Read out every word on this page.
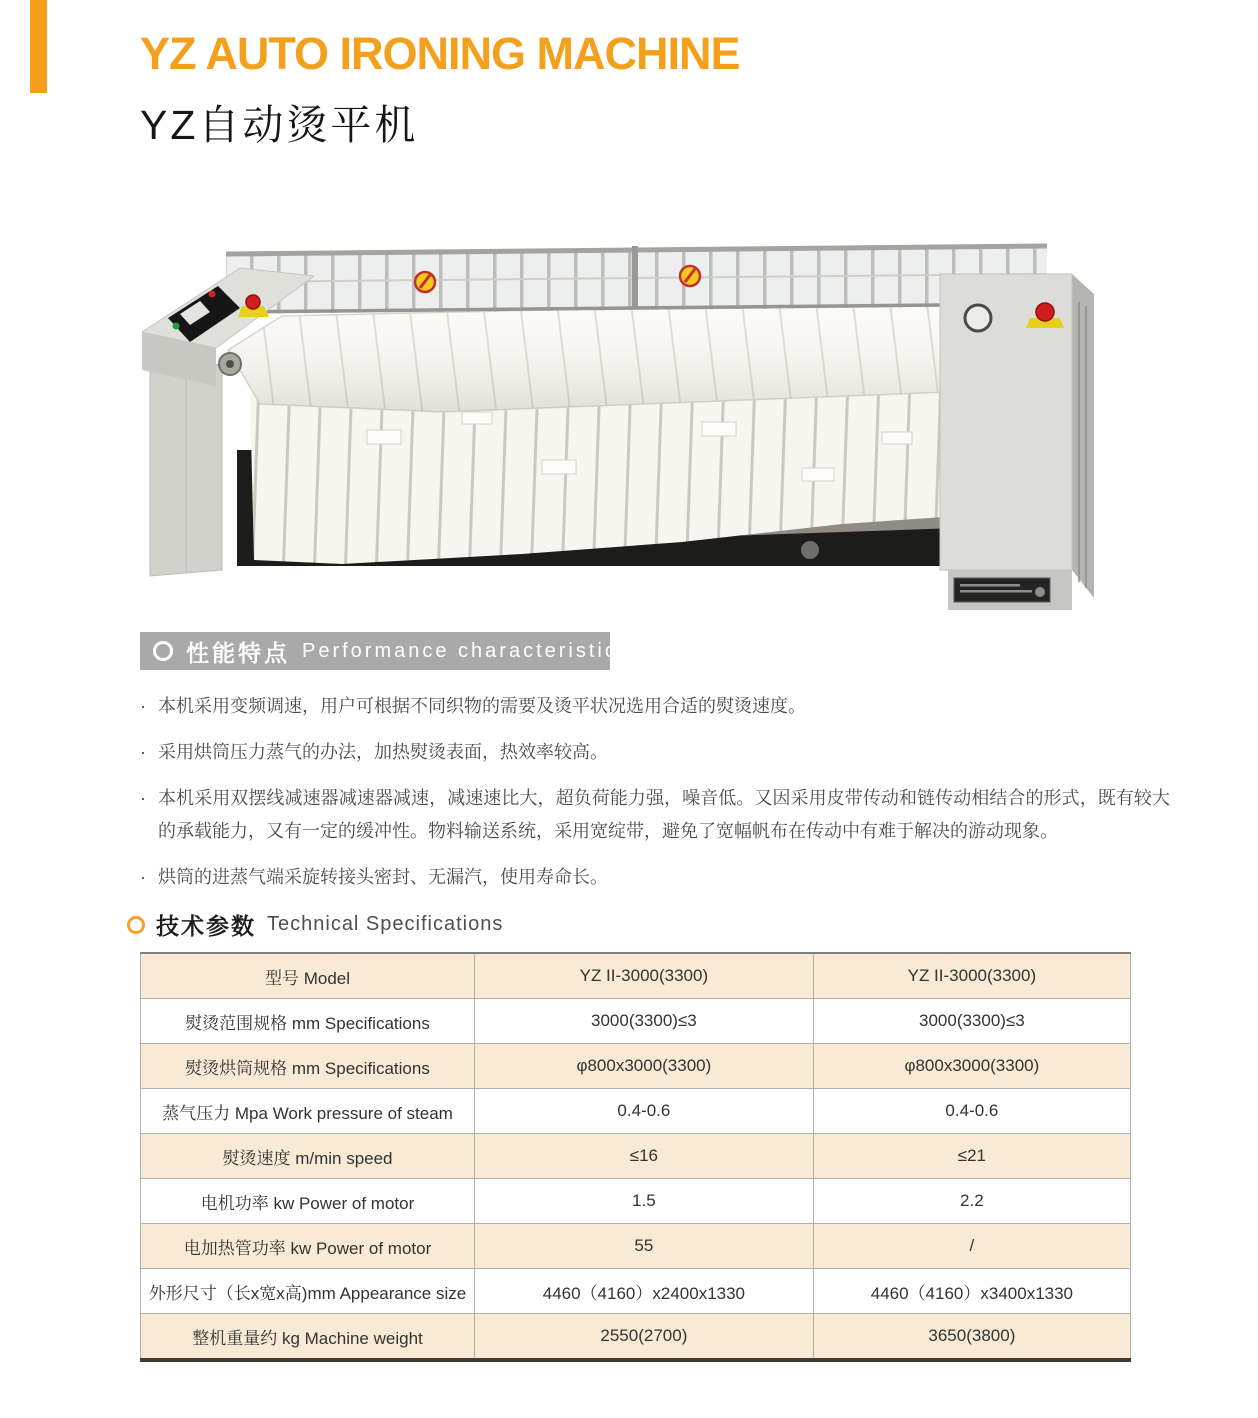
YZ AUTO IRONING MACHINE
YZ自动烫平机
性能特点 Performance characteristics
· 本机采用变频调速，用户可根据不同织物的需要及烫平状况选用合适的熨烫速度。
· 采用烘筒压力蒸气的办法，加热熨烫表面，热效率较高。
· 本机采用双摆线减速器减速器减速，减速速比大，超负荷能力强，噪音低。又因采用皮带传动和链传动相结合的形式，既有较大的承载能力，又有一定的缓冲性。物料输送系统，采用宽绽带，避免了宽幅帆布在传动中有难于解决的游动现象。
· 烘筒的进蒸气端采旋转接头密封、无漏汽，使用寿命长。
技术参数 Technical Specifications
型号 Model	YZ II-3000(3300)	YZ II-3000(3300)
熨烫范围规格 mm Specifications	3000(3300)≤3	3000(3300)≤3
熨烫烘筒规格 mm Specifications	φ800x3000(3300)	φ800x3000(3300)
蒸气压力 Mpa Work pressure of steam	0.4-0.6	0.4-0.6
熨烫速度 m/min speed	≤16	≤21
电机功率 kw Power of motor	1.5	2.2
电加热管功率 kw Power of motor	55	/
外形尺寸（长x宽x高)mm Appearance size	4460（4160）x2400x1330	4460（4160）x3400x1330
整机重量约 kg Machine weight	2550(2700)	3650(3800)
